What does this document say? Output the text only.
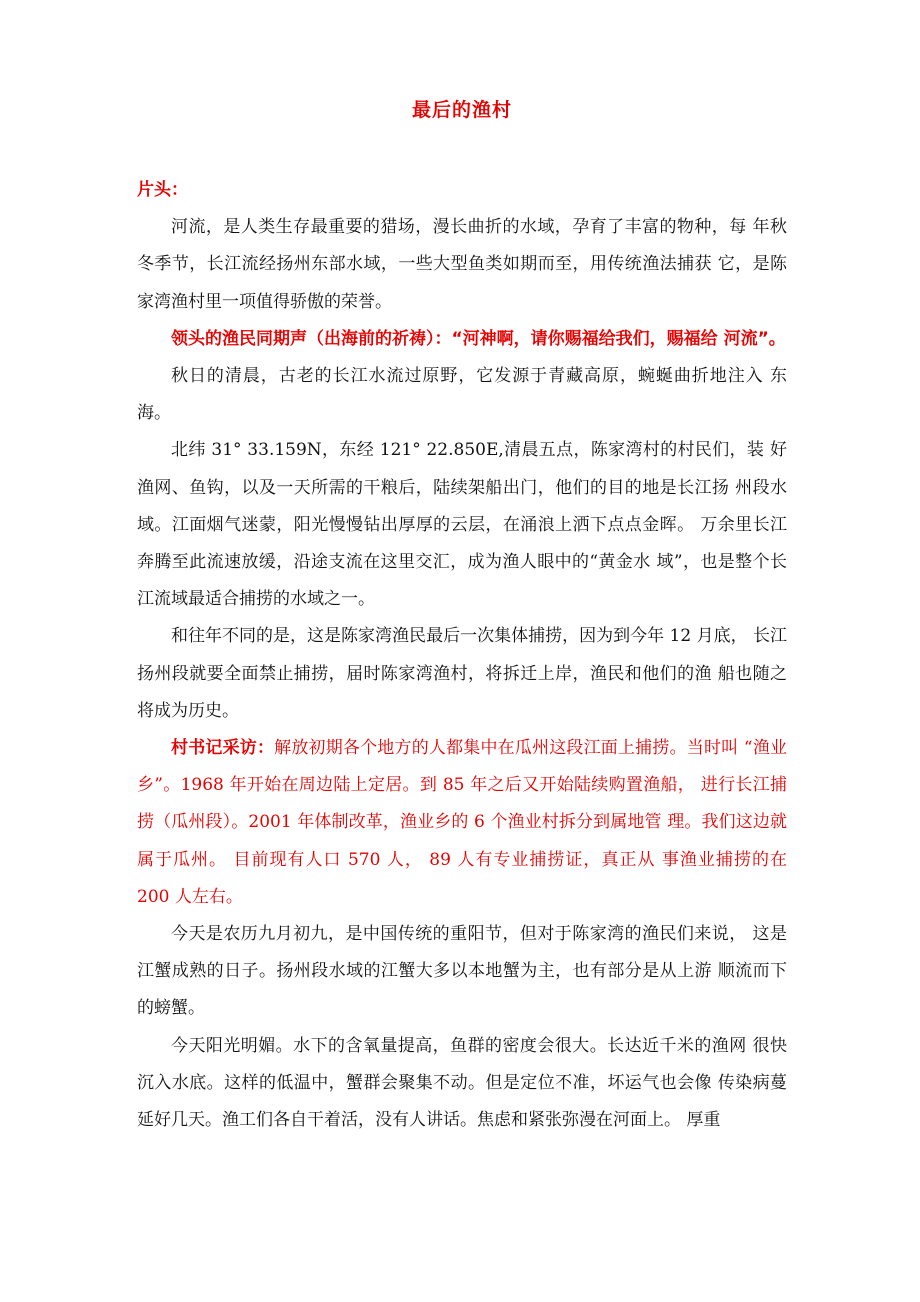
最后的渔村

片头：

河流，是人类生存最重要的猎场，漫长曲折的水域，孕育了丰富的物种，每 年秋冬季节，长江流经扬州东部水域，一些大型鱼类如期而至，用传统渔法捕获 它，是陈家湾渔村里一项值得骄傲的荣誉。

领头的渔民同期声（出海前的祈祷）：“河神啊，请你赐福给我们，赐福给 河流”。

秋日的清晨，古老的长江水流过原野，它发源于青藏高原，蜿蜒曲折地注入 东海。

北纬 31° 33.159N，东经 121° 22.850E,清晨五点，陈家湾村的村民们，装 好渔网、鱼钩，以及一天所需的干粮后，陆续架船出门，他们的目的地是长江扬 州段水域。江面烟气迷蒙，阳光慢慢钻出厚厚的云层，在涌浪上洒下点点金晖。 万余里长江奔腾至此流速放缓，沿途支流在这里交汇，成为渔人眼中的“黄金水 域”，也是整个长江流域最适合捕捞的水域之一。

和往年不同的是，这是陈家湾渔民最后一次集体捕捞，因为到今年 12 月底， 长江扬州段就要全面禁止捕捞，届时陈家湾渔村，将拆迁上岸，渔民和他们的渔 船也随之将成为历史。

村书记采访：解放初期各个地方的人都集中在瓜州这段江面上捕捞。当时叫 “渔业乡”。1968 年开始在周边陆上定居。到 85 年之后又开始陆续购置渔船， 进行长江捕捞（瓜州段）。2001 年体制改革，渔业乡的 6 个渔业村拆分到属地管 理。我们这边就属于瓜州。 目前现有人口 570 人， 89 人有专业捕捞证，真正从 事渔业捕捞的在 200 人左右。

今天是农历九月初九，是中国传统的重阳节，但对于陈家湾的渔民们来说， 这是江蟹成熟的日子。扬州段水域的江蟹大多以本地蟹为主，也有部分是从上游 顺流而下的螃蟹。

今天阳光明媚。水下的含氧量提高，鱼群的密度会很大。长达近千米的渔网 很快沉入水底。这样的低温中，蟹群会聚集不动。但是定位不准，坏运气也会像 传染病蔓延好几天。渔工们各自干着活，没有人讲话。焦虑和紧张弥漫在河面上。 厚重
